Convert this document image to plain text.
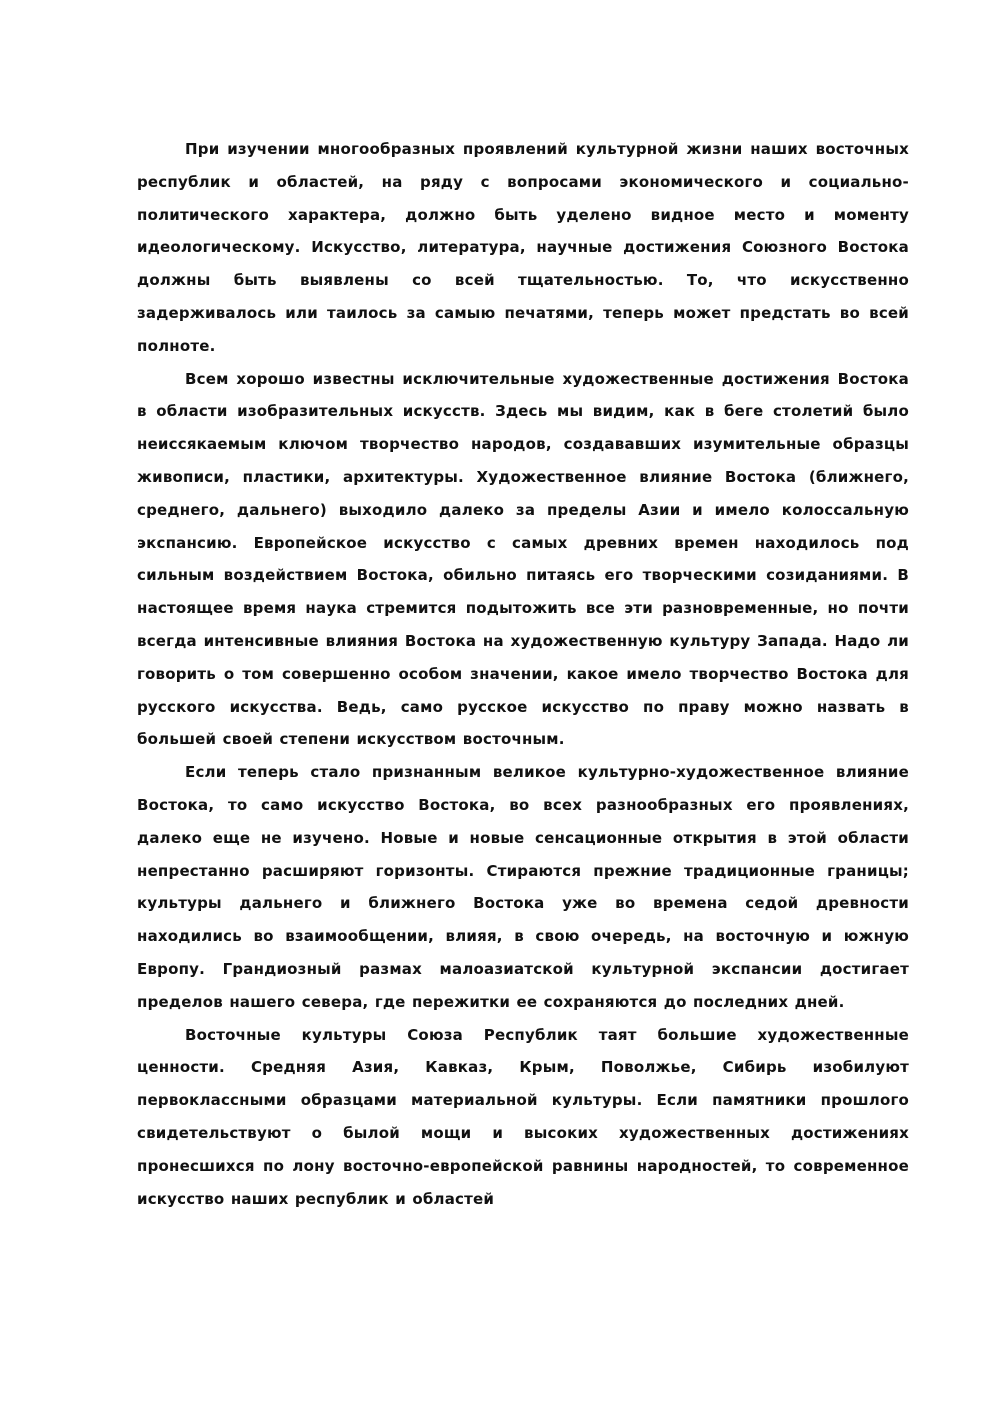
При изучении многообразных проявлений культурной жизни наших восточных республик и областей, на ряду с вопросами экономического и социально-политического характера, должно быть уделено видное место и моменту идеологическому. Искусство, литература, научные достижения Союзного Востока должны быть выявлены со всей тщательностью. То, что искусственно задерживалось или таилось за самыю печатями, теперь может предстать во всей полноте.

Всем хорошо известны исключительные художественные достижения Востока в области изобразительных искусств. Здесь мы видим, как в беге столетий было неиссякаемым ключом творчество народов, создававших изумительные образцы живописи, пластики, архитектуры. Художественное влияние Востока (ближнего, среднего, дальнего) выходило далеко за пределы Азии и имело колоссальную экспансию. Европейское искусство с самых древних времен находилось под сильным воздействием Востока, обильно питаясь его творческими созиданиями. В настоящее время наука стремится подытожить все эти разновременные, но почти всегда интенсивные влияния Востока на художественную культуру Запада. Надо ли говорить о том совершенно особом значении, какое имело творчество Востока для русского искусства. Ведь, само русское искусство по праву можно назвать в большей своей степени искусством восточным.

Если теперь стало признанным великое культурно-художественное влияние Востока, то само искусство Востока, во всех разнообразных его проявлениях, далеко еще не изучено. Новые и новые сенсационные открытия в этой области непрестанно расширяют горизонты. Стираются прежние традиционные границы; культуры дальнего и ближнего Востока уже во времена седой древности находились во взаимообщении, влияя, в свою очередь, на восточную и южную Европу. Грандиозный размах малоазиатской культурной экспансии достигает пределов нашего севера, где пережитки ее сохраняются до последних дней.

Восточные культуры Союза Республик таят большие художественные ценности. Средняя Азия, Кавказ, Крым, Поволжье, Сибирь изобилуют первоклассными образцами материальной культуры. Если памятники прошлого свидетельствуют о былой мощи и высоких художественных достижениях пронесшихся по лону восточно-европейской равнины народностей, то современное искусство наших республик и областей
